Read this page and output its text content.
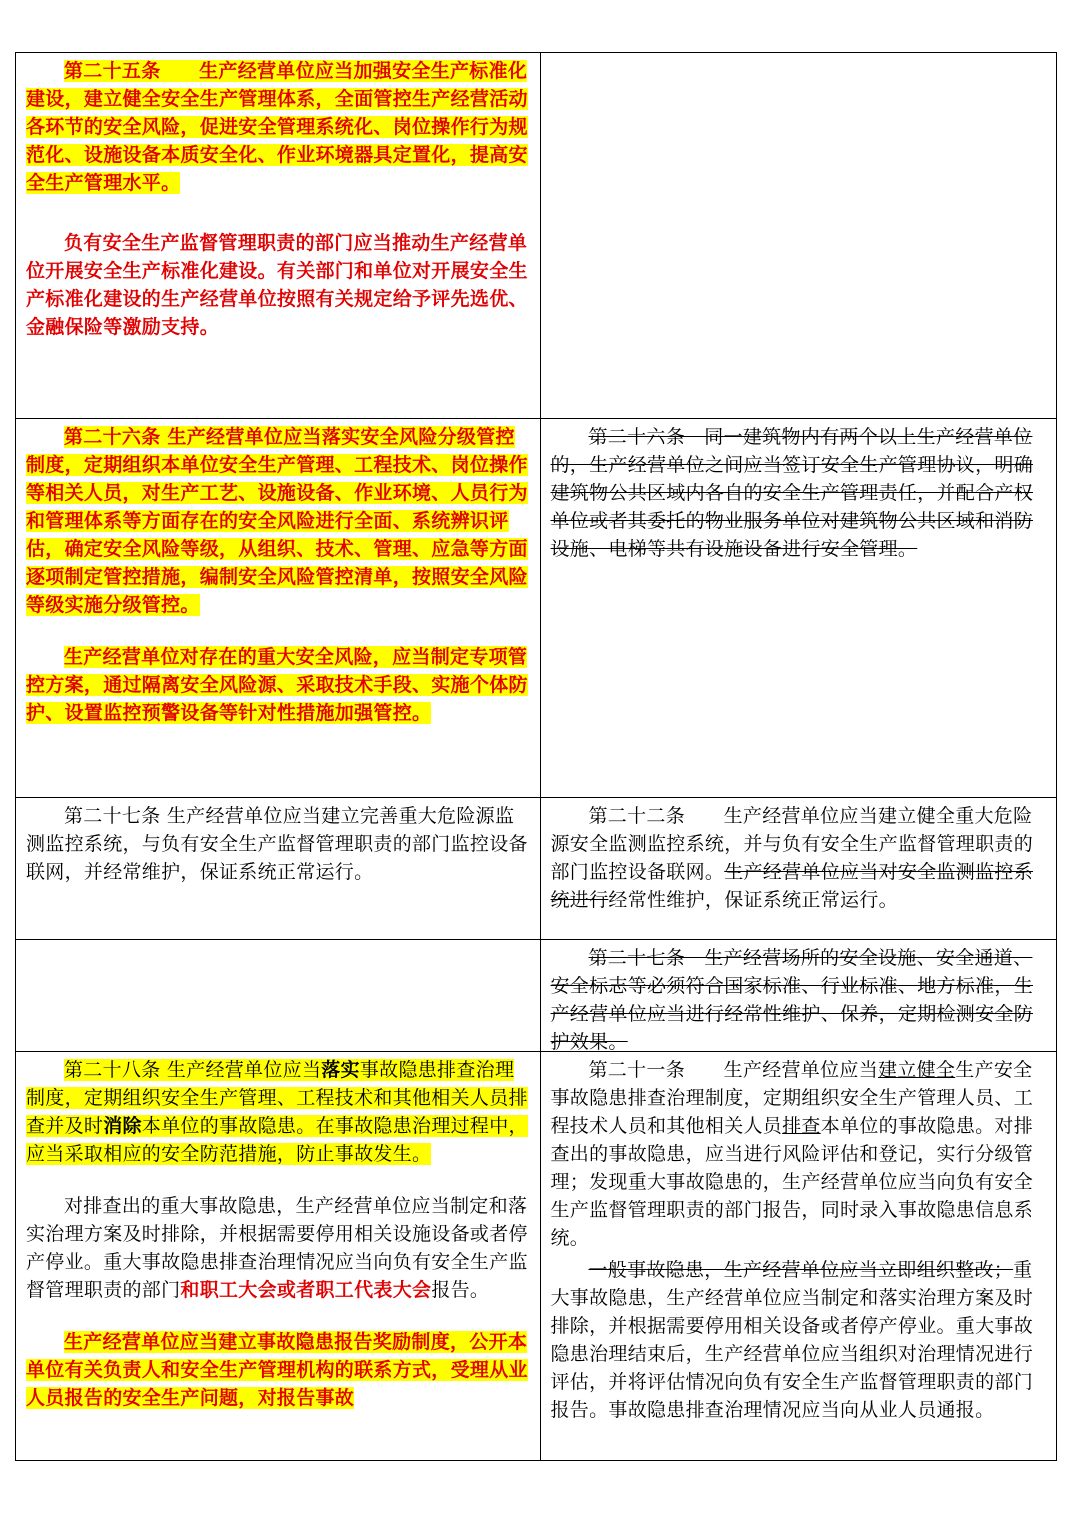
第二十五条　　生产经营单位应当加强安全生产标准化建设，建立健全安全生产管理体系，全面管控生产经营活动各环节的安全风险，促进安全管理系统化、岗位操作行为规范化、设施设备本质安全化、作业环境器具定置化，提高安全生产管理水平。

负有安全生产监督管理职责的部门应当推动生产经营单位开展安全生产标准化建设。有关部门和单位对开展安全生产标准化建设的生产经营单位按照有关规定给予评先选优、金融保险等激励支持。

第二十六条 生产经营单位应当落实安全风险分级管控制度，定期组织本单位安全生产管理、工程技术、岗位操作等相关人员，对生产工艺、设施设备、作业环境、人员行为和管理体系等方面存在的安全风险进行全面、系统辨识评估，确定安全风险等级，从组织、技术、管理、应急等方面逐项制定管控措施，编制安全风险管控清单，按照安全风险等级实施分级管控。

生产经营单位对存在的重大安全风险，应当制定专项管控方案，通过隔离安全风险源、采取技术手段、实施个体防护、设置监控预警设备等针对性措施加强管控。

第二十六条　同一建筑物内有两个以上生产经营单位的，生产经营单位之间应当签订安全生产管理协议，明确建筑物公共区域内各自的安全生产管理责任，并配合产权单位或者其委托的物业服务单位对建筑物公共区域和消防设施、电梯等共有设施设备进行安全管理。

第二十七条 生产经营单位应当建立完善重大危险源监测监控系统，与负有安全生产监督管理职责的部门监控设备联网，并经常维护，保证系统正常运行。

第二十二条　　生产经营单位应当建立健全重大危险源安全监测监控系统，并与负有安全生产监督管理职责的部门监控设备联网。生产经营单位应当对安全监测监控系统进行经常性维护，保证系统正常运行。

第二十七条　生产经营场所的安全设施、安全通道、安全标志等必须符合国家标准、行业标准、地方标准，生产经营单位应当进行经常性维护、保养，定期检测安全防护效果。

第二十八条 生产经营单位应当落实事故隐患排查治理制度，定期组织安全生产管理、工程技术和其他相关人员排查并及时消除本单位的事故隐患。在事故隐患治理过程中，应当采取相应的安全防范措施，防止事故发生。

对排查出的重大事故隐患，生产经营单位应当制定和落实治理方案及时排除，并根据需要停用相关设施设备或者停产停业。重大事故隐患排查治理情况应当向负有安全生产监督管理职责的部门和职工大会或者职工代表大会报告。

生产经营单位应当建立事故隐患报告奖励制度，公开本单位有关负责人和安全生产管理机构的联系方式，受理从业人员报告的安全生产问题，对报告事故

第二十一条　　生产经营单位应当建立健全生产安全事故隐患排查治理制度，定期组织安全生产管理人员、工程技术人员和其他相关人员排查本单位的事故隐患。对排查出的事故隐患，应当进行风险评估和登记，实行分级管理；发现重大事故隐患的，生产经营单位应当向负有安全生产监督管理职责的部门报告，同时录入事故隐患信息系统。

一般事故隐患，生产经营单位应当立即组织整改；重大事故隐患，生产经营单位应当制定和落实治理方案及时排除，并根据需要停用相关设备或者停产停业。重大事故隐患治理结束后，生产经营单位应当组织对治理情况进行评估，并将评估情况向负有安全生产监督管理职责的部门报告。事故隐患排查治理情况应当向从业人员通报。
